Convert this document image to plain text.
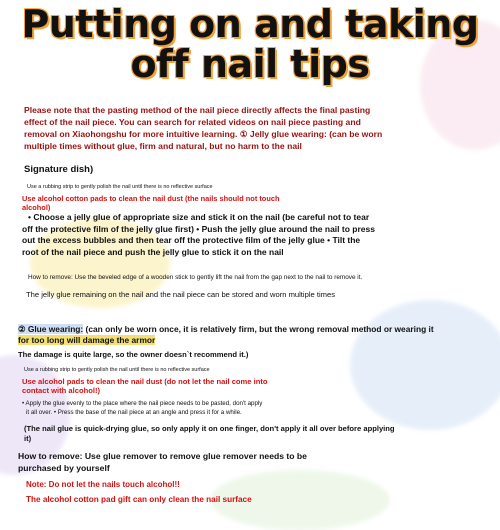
Putting on and taking
off nail tips
Please note that the pasting method of the nail piece directly affects the final pasting
effect of the nail piece. You can search for related videos on nail piece pasting and
removal on Xiaohongshu for more intuitive learning. ① Jelly glue wearing: (can be worn
multiple times without glue, firm and natural, but no harm to the nail
Signature dish)
Use a rubbing strip to gently polish the nail until there is no reflective surface
Use alcohol cotton pads to clean the nail dust (the nails should not touch
alcohol)
• Choose a jelly glue of appropriate size and stick it on the nail (be careful not to tear
off the protective film of the jelly glue first) • Push the jelly glue around the nail to press
out the excess bubbles and then tear off the protective film of the jelly glue • Tilt the
root of the nail piece and push the jelly glue to stick it on the nail
How to remove: Use the beveled edge of a wooden stick to gently lift the nail from the gap next to the nail to remove it.
The jelly glue remaining on the nail and the nail piece can be stored and worn multiple times
② Glue wearing: (can only be worn once, it is relatively firm, but the wrong removal method or wearing it
for too long will damage the armor
The damage is quite large, so the owner doesn`t recommend it.)
Use a rubbing strip to gently polish the nail until there is no reflective surface
Use alcohol pads to clean the nail dust (do not let the nail come into
contact with alcohol!)
• Apply the glue evenly to the place where the nail piece needs to be pasted, don't apply
it all over. • Press the base of the nail piece at an angle and press it for a while.
(The nail glue is quick-drying glue, so only apply it on one finger, don't apply it all over before applying
it)
How to remove: Use glue remover to remove glue remover needs to be
purchased by yourself
Note: Do not let the nails touch alcohol!!
The alcohol cotton pad gift can only clean the nail surface
